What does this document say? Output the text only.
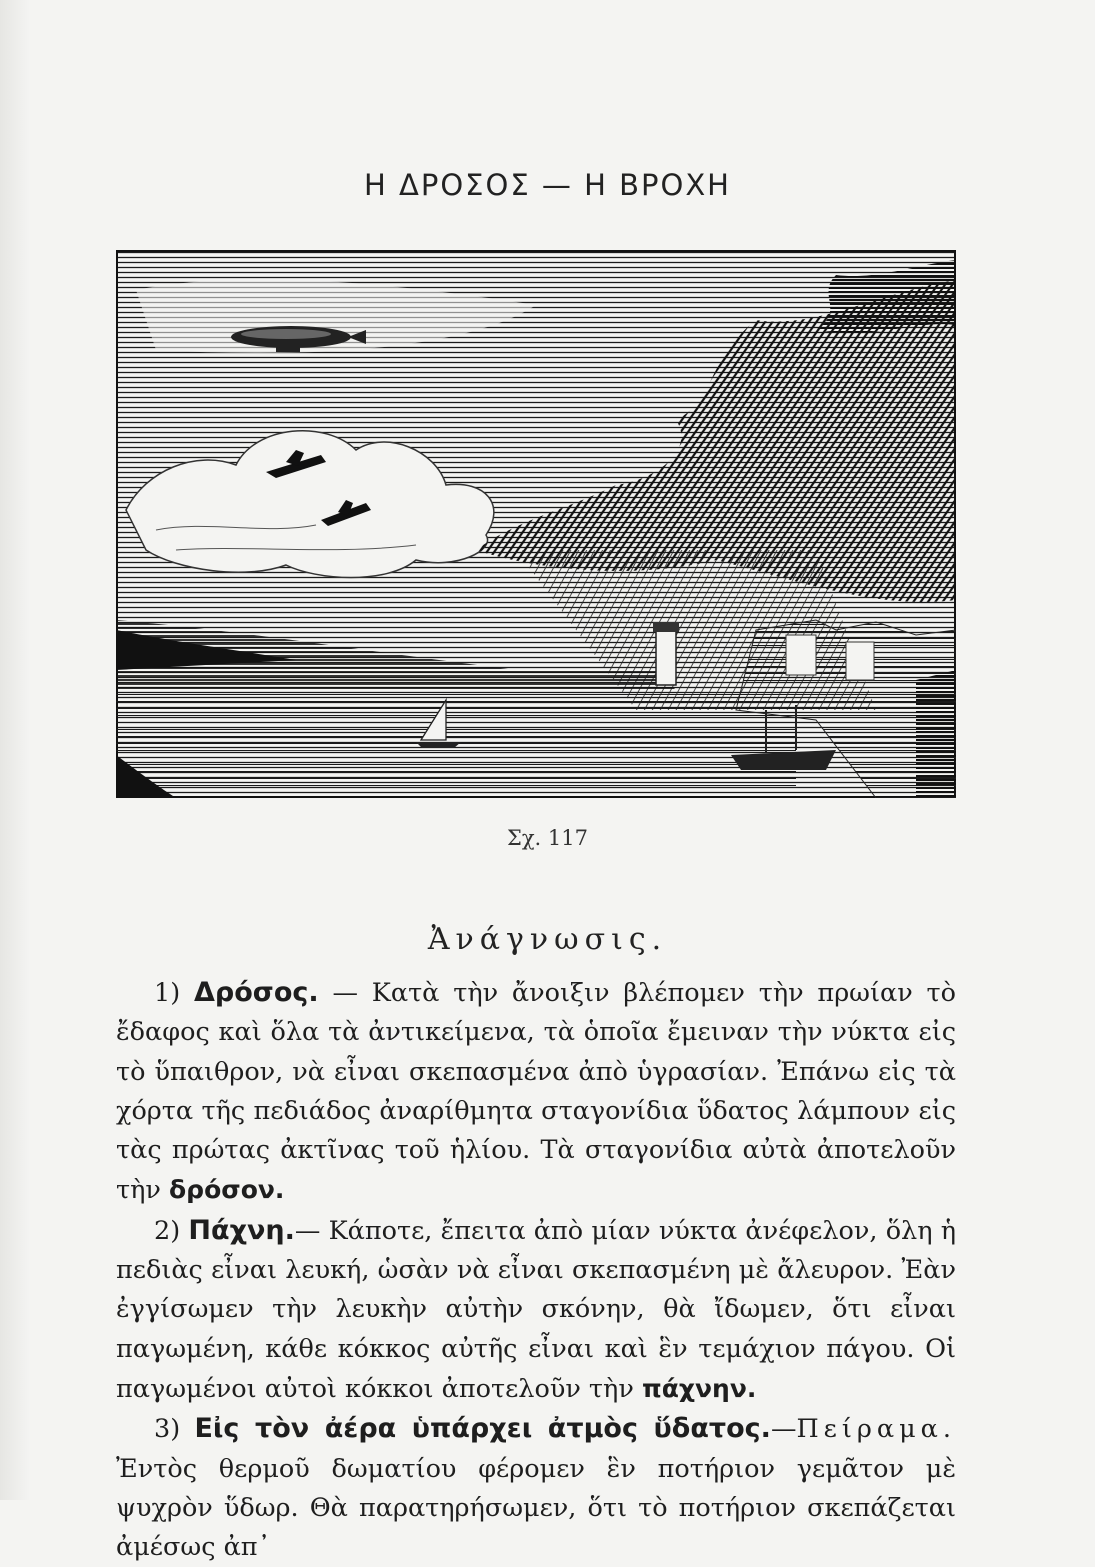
Η ΔΡΟΣΟΣ — Η ΒΡΟΧΗ
Σχ. 117
Ἀνάγνωσις.

1) Δρόσος. — Κατὰ τὴν ἄνοιξιν βλέπομεν τὴν πρωίαν τὸ ἔδαφος καὶ ὅλα τὰ ἀντικείμενα, τὰ ὁποῖα ἔμειναν τὴν νύκτα εἰς τὸ ὕπαιθρον, νὰ εἶναι σκεπασμένα ἀπὸ ὑγρασίαν. Ἐπάνω εἰς τὰ χόρτα τῆς πεδιάδος ἀναρίθμητα σταγονίδια ὕδατος λάμπουν εἰς τὰς πρώτας ἀκτῖνας τοῦ ἡλίου. Τὰ σταγονίδια αὐτὰ ἀποτελοῦν τὴν δρόσον.

2) Πάχνη.— Κάποτε, ἔπειτα ἀπὸ μίαν νύκτα ἀνέφελον, ὅλη ἡ πεδιὰς εἶναι λευκή, ὡσὰν νὰ εἶναι σκεπασμένη μὲ ἄλευρον. Ἐὰν ἐγγίσωμεν τὴν λευκὴν αὐτὴν σκόνην, θὰ ἴδωμεν, ὅτι εἶναι παγωμένη, κάθε κόκκος αὐτῆς εἶναι καὶ ἓν τεμάχιον πάγου. Οἱ παγωμένοι αὐτοὶ κόκκοι ἀποτελοῦν τὴν πάχνην.

3) Εἰς τὸν ἀέρα ὑπάρχει ἀτμὸς ὕδατος.—Πείραμα. Ἐντὸς θερμοῦ δωματίου φέρομεν ἓν ποτήριον γεμᾶτον μὲ ψυχρὸν ὕδωρ. Θὰ παρατηρήσωμεν, ὅτι τὸ ποτήριον σκεπάζεται ἀμέσως ἀπ᾽
